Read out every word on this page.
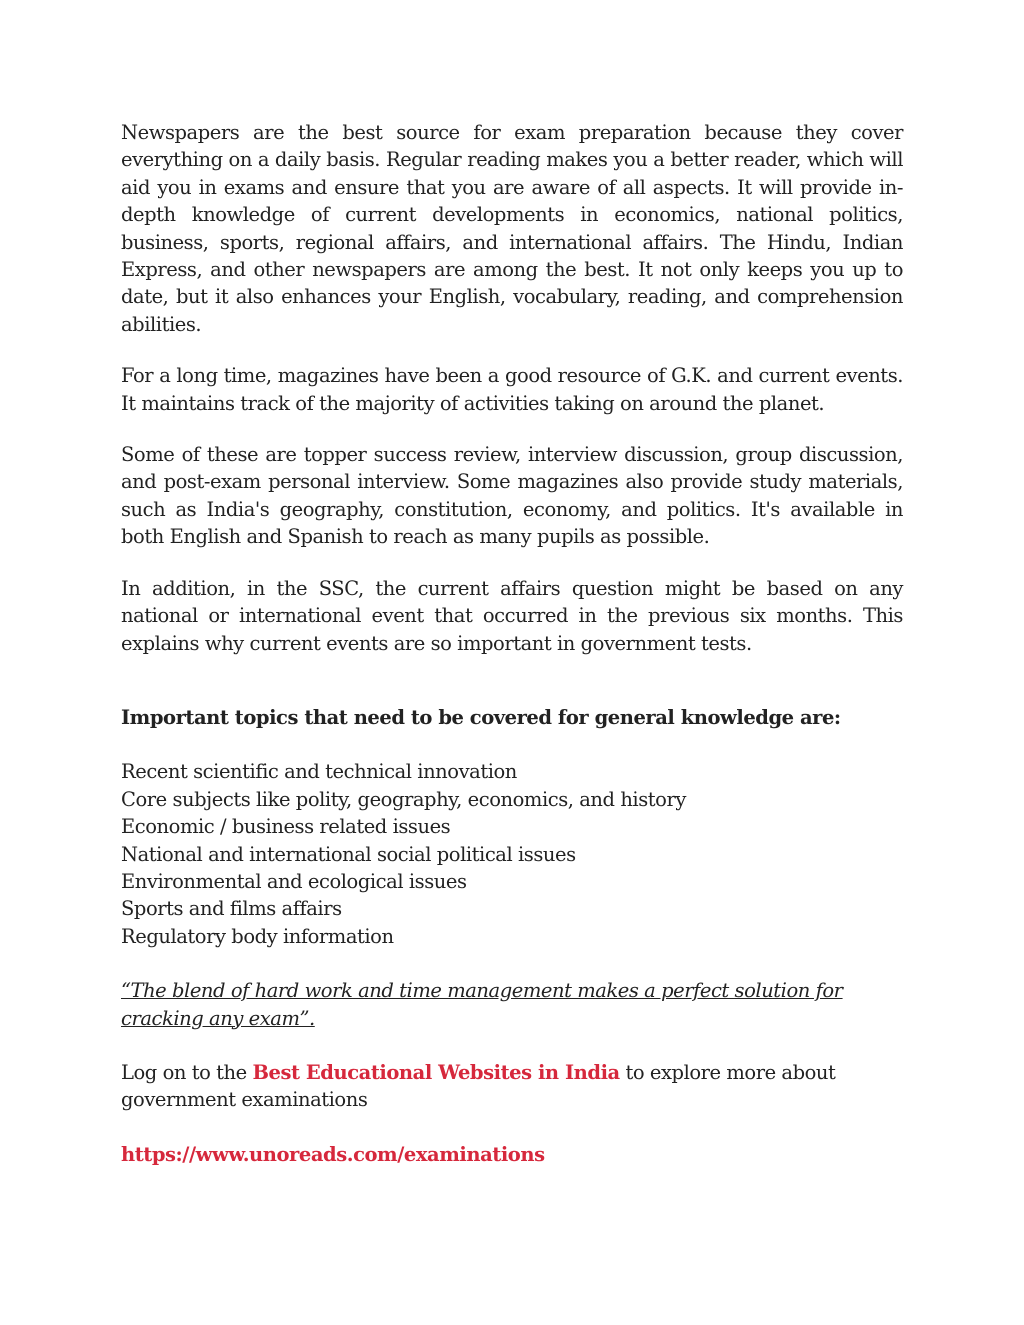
Newspapers are the best source for exam preparation because they cover everything on a daily basis. Regular reading makes you a better reader, which will aid you in exams and ensure that you are aware of all aspects. It will provide in-depth knowledge of current developments in economics, national politics, business, sports, regional affairs, and international affairs. The Hindu, Indian Express, and other newspapers are among the best. It not only keeps you up to date, but it also enhances your English, vocabulary, reading, and comprehension abilities.

For a long time, magazines have been a good resource of G.K. and current events. It maintains track of the majority of activities taking on around the planet.

Some of these are topper success review, interview discussion, group discussion, and post-exam personal interview. Some magazines also provide study materials, such as India's geography, constitution, economy, and politics. It's available in both English and Spanish to reach as many pupils as possible.

In addition, in the SSC, the current affairs question might be based on any national or international event that occurred in the previous six months. This explains why current events are so important in government tests.

Important topics that need to be covered for general knowledge are:

Recent scientific and technical innovation
Core subjects like polity, geography, economics, and history
Economic / business related issues
National and international social political issues
Environmental and ecological issues
Sports and films affairs
Regulatory body information

“The blend of hard work and time management makes a perfect solution for cracking any exam”.

Log on to the Best Educational Websites in India to explore more about government examinations

https://www.unoreads.com/examinations
